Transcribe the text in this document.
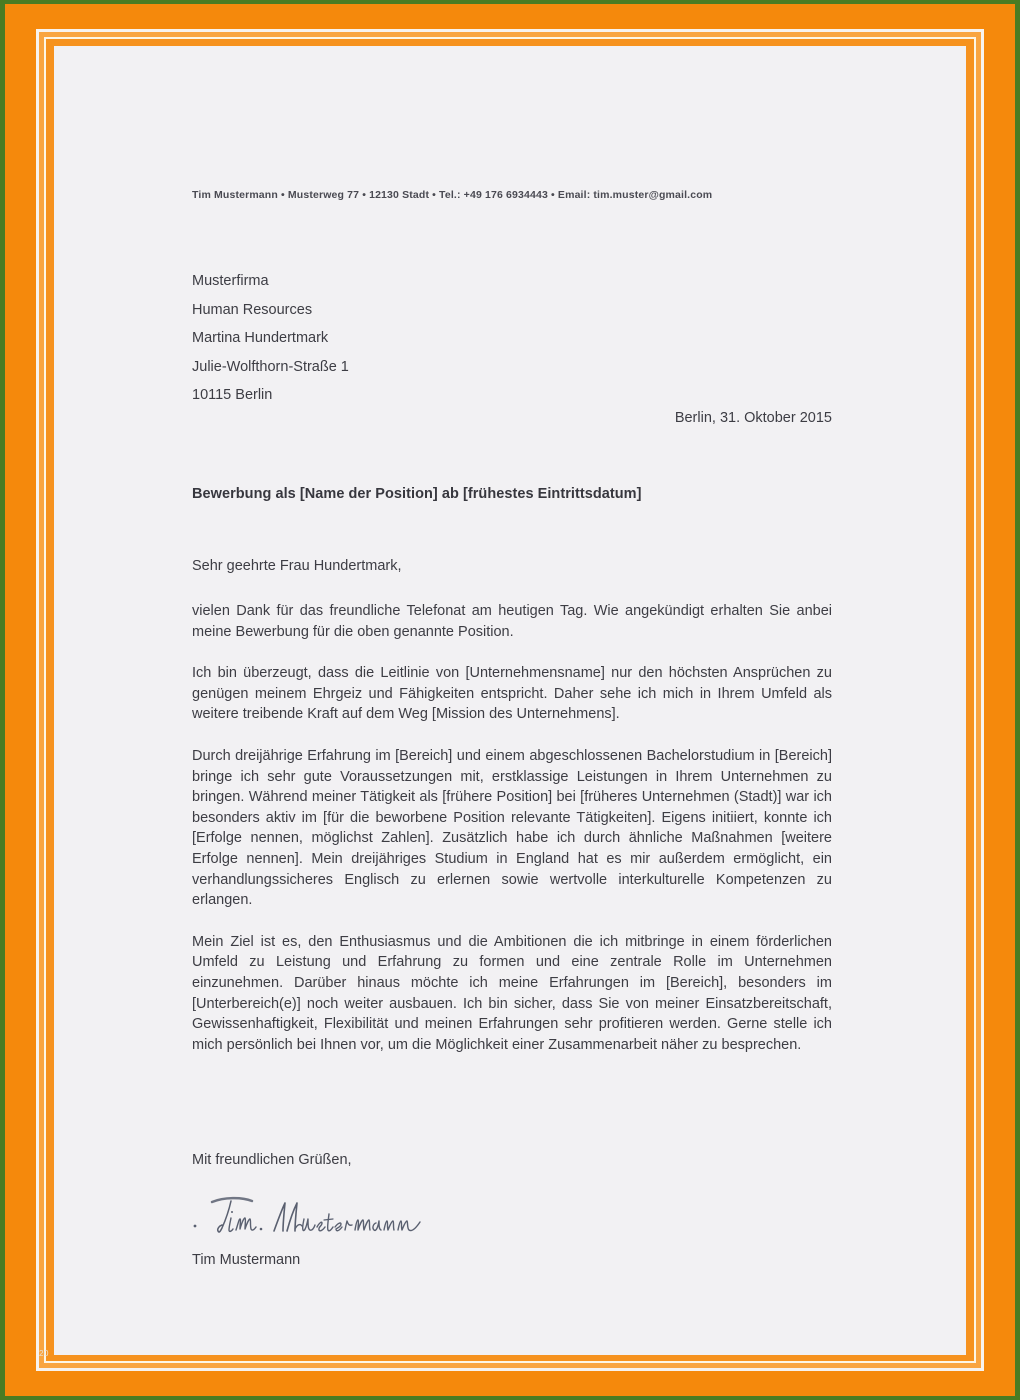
20
Tim Mustermann • Musterweg 77 • 12130 Stadt • Tel.: +49 176 6934443 • Email: tim.muster@gmail.com
Musterfirma
Human Resources
Martina Hundertmark
Julie-Wolfthorn-Straße 1
10115 Berlin
Berlin, 31. Oktober 2015
Bewerbung als [Name der Position] ab [frühestes Eintrittsdatum]
Sehr geehrte Frau Hundertmark,

vielen Dank für das freundliche Telefonat am heutigen Tag. Wie angekündigt erhalten Sie anbei meine Bewerbung für die oben genannte Position.

Ich bin überzeugt, dass die Leitlinie von [Unternehmensname] nur den höchsten Ansprüchen zu genügen meinem Ehrgeiz und Fähigkeiten entspricht. Daher sehe ich mich in Ihrem Umfeld als weitere treibende Kraft auf dem Weg [Mission des Unternehmens].

Durch dreijährige Erfahrung im [Bereich] und einem abgeschlossenen Bachelorstudium in [Bereich] bringe ich sehr gute Voraussetzungen mit, erstklassige Leistungen in Ihrem Unternehmen zu bringen. Während meiner Tätigkeit als [frühere Position] bei [früheres Unternehmen (Stadt)] war ich besonders aktiv im [für die beworbene Position relevante Tätigkeiten]. Eigens initiiert, konnte ich [Erfolge nennen, möglichst Zahlen]. Zusätzlich habe ich durch ähnliche Maßnahmen [weitere Erfolge nennen]. Mein dreijähriges Studium in England hat es mir außerdem ermöglicht, ein verhandlungssicheres Englisch zu erlernen sowie wertvolle interkulturelle Kompetenzen zu erlangen.

Mein Ziel ist es, den Enthusiasmus und die Ambitionen die ich mitbringe in einem förderlichen Umfeld zu Leistung und Erfahrung zu formen und eine zentrale Rolle im Unternehmen einzunehmen. Darüber hinaus möchte ich meine Erfahrungen im [Bereich], besonders im [Unterbereich(e)] noch weiter ausbauen. Ich bin sicher, dass Sie von meiner Einsatzbereitschaft, Gewissenhaftigkeit, Flexibilität und meinen Erfahrungen sehr profitieren werden. Gerne stelle ich mich persönlich bei Ihnen vor, um die Möglichkeit einer Zusammenarbeit näher zu besprechen.

Mit freundlichen Grüßen,
Tim Mustermann
